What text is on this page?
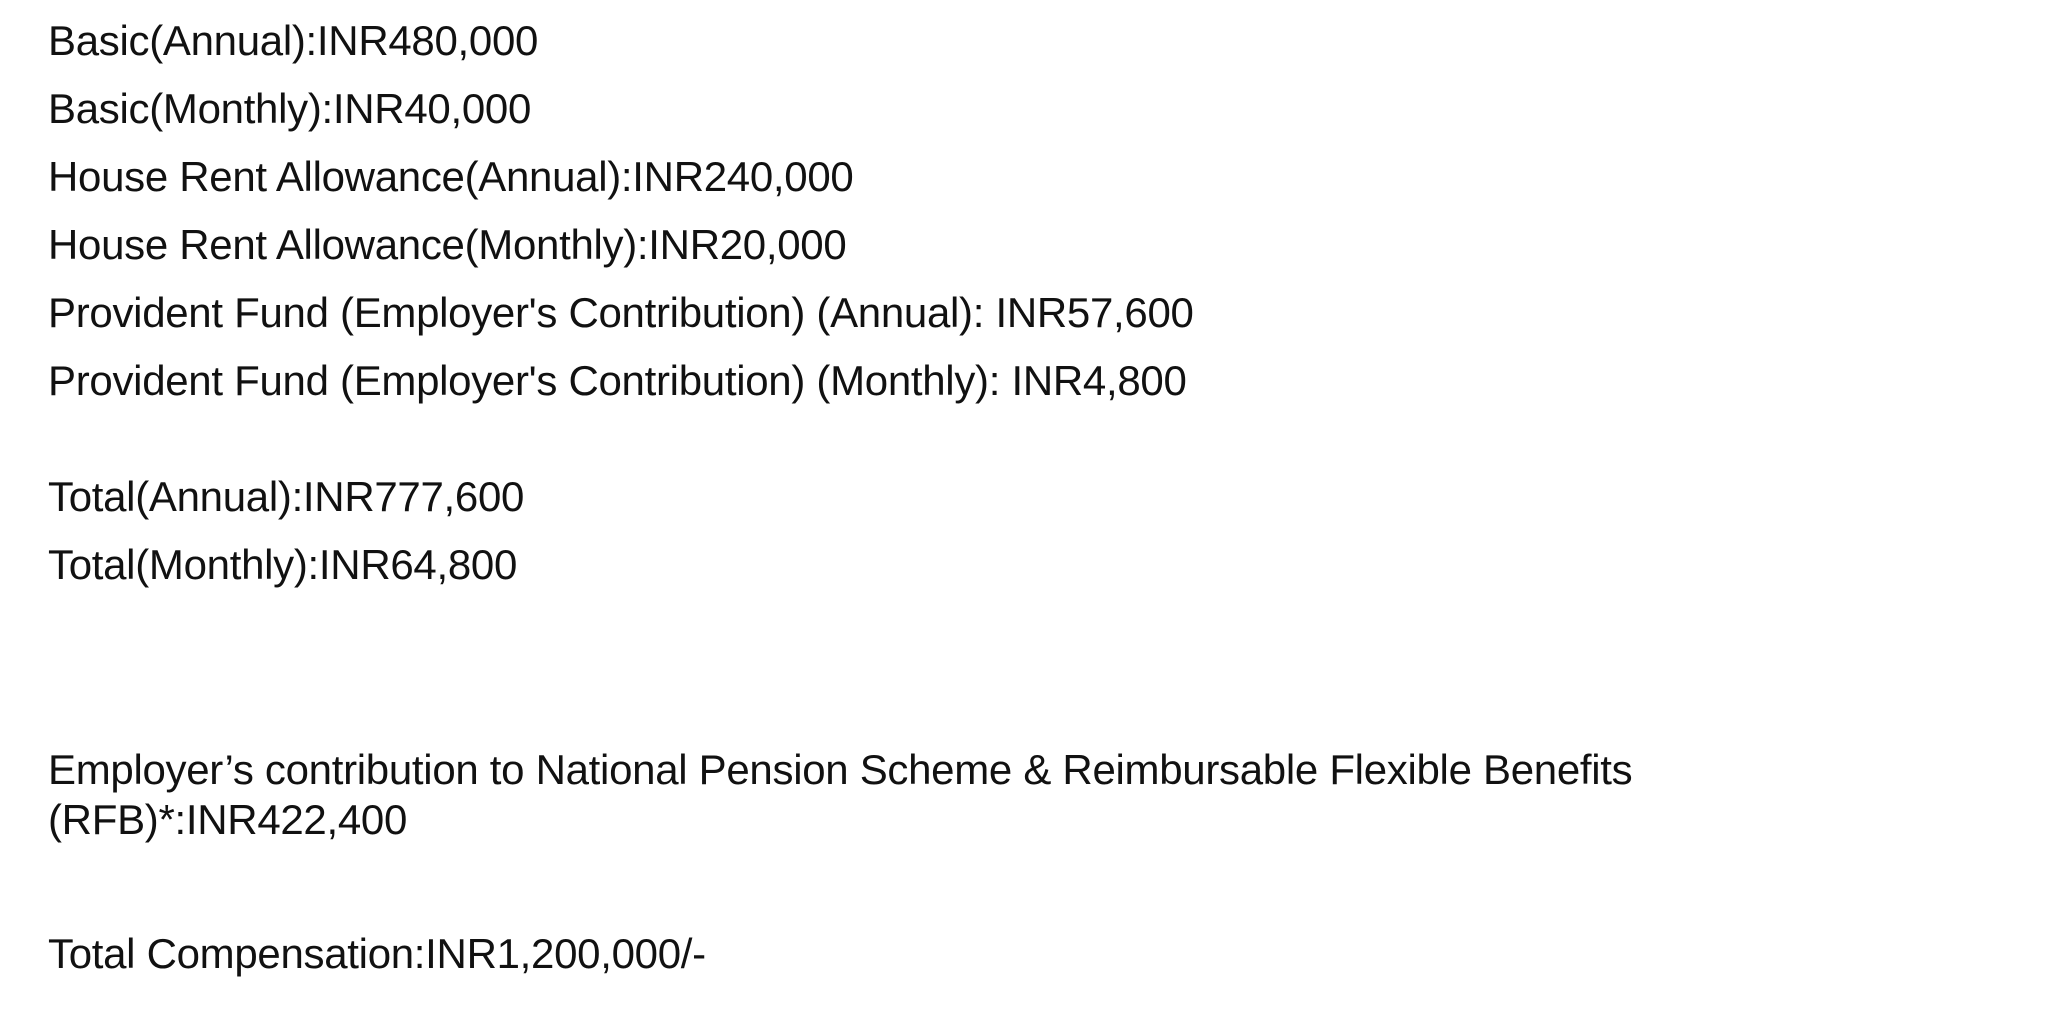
Basic(Annual):INR480,000
Basic(Monthly):INR40,000
House Rent Allowance(Annual):INR240,000
House Rent Allowance(Monthly):INR20,000
Provident Fund (Employer's Contribution) (Annual): INR57,600
Provident Fund (Employer's Contribution) (Monthly): INR4,800
Total(Annual):INR777,600
Total(Monthly):INR64,800
Employer’s contribution to National Pension Scheme & Reimbursable Flexible Benefits
(RFB)*:INR422,400
Total Compensation:INR1,200,000/-
